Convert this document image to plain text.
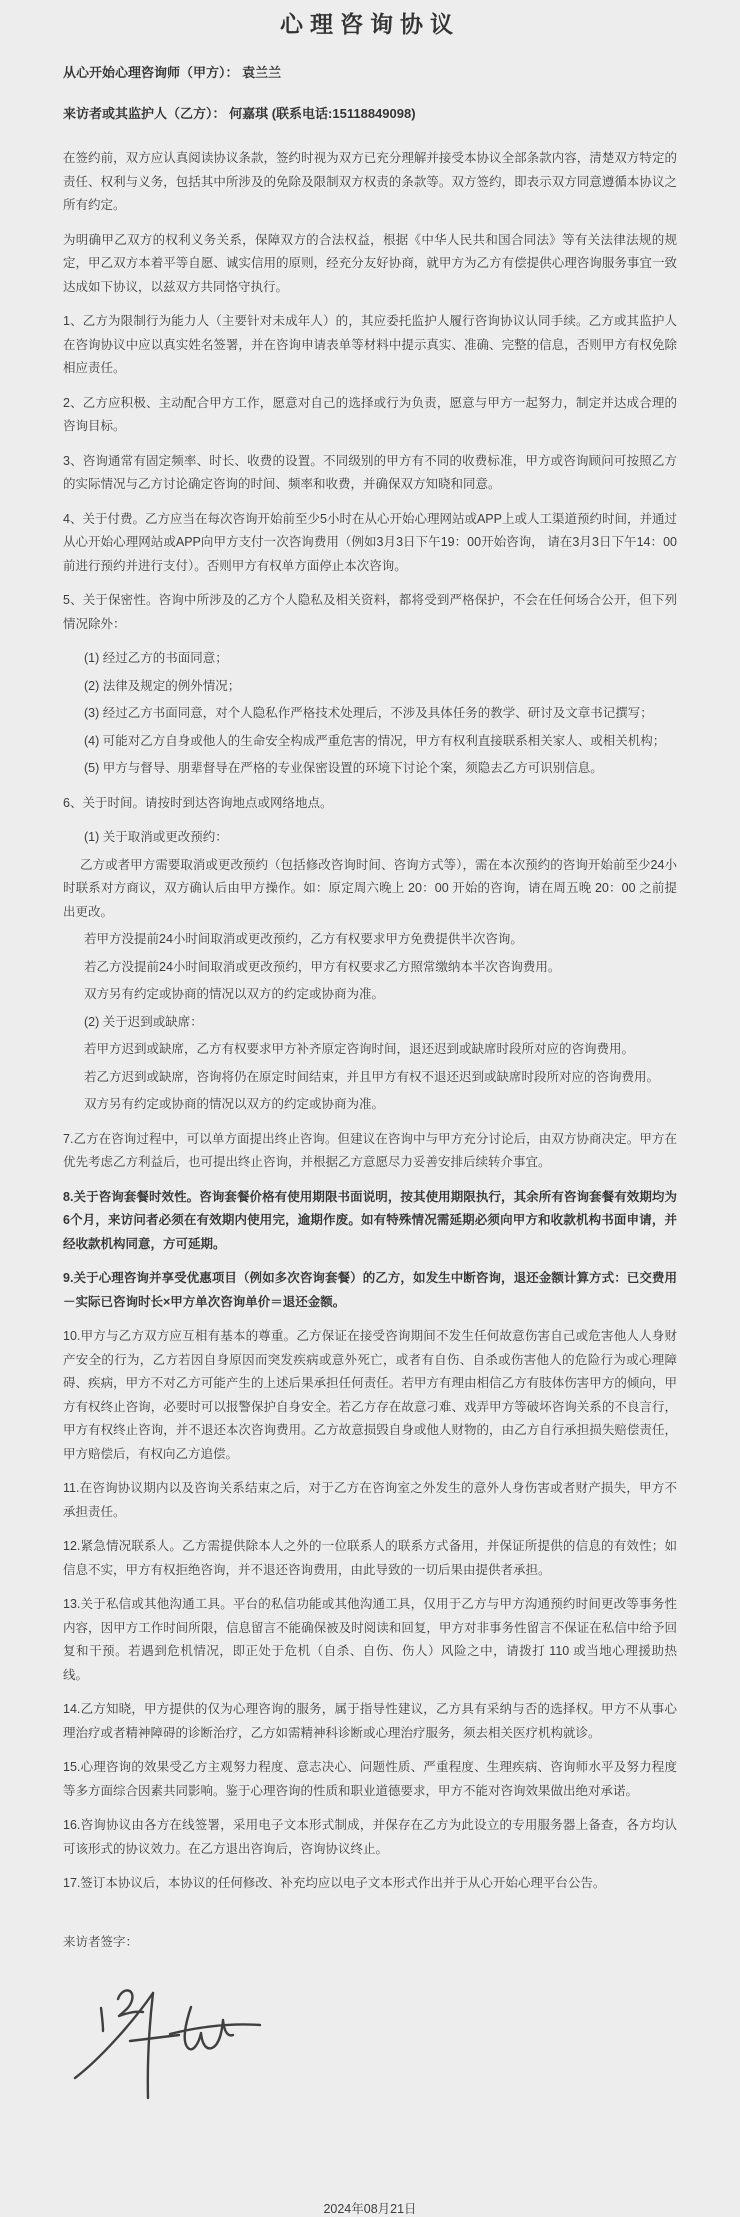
心理咨询协议

从心开始心理咨询师（甲方）： 袁兰兰

来访者或其监护人（乙方）： 何嘉琪 (联系电话:15118849098)

在签约前，双方应认真阅读协议条款，签约时视为双方已充分理解并接受本协议全部条款内容，清楚双方特定的责任、权利与义务，包括其中所涉及的免除及限制双方权责的条款等。双方签约，即表示双方同意遵循本协议之所有约定。

为明确甲乙双方的权利义务关系，保障双方的合法权益，根据《中华人民共和国合同法》等有关法律法规的规定，甲乙双方本着平等自愿、诚实信用的原则，经充分友好协商，就甲方为乙方有偿提供心理咨询服务事宜一致达成如下协议，以兹双方共同恪守执行。

1、乙方为限制行为能力人（主要针对未成年人）的，其应委托监护人履行咨询协议认同手续。乙方或其监护人在咨询协议中应以真实姓名签署，并在咨询申请表单等材料中提示真实、准确、完整的信息，否则甲方有权免除相应责任。

2、乙方应积极、主动配合甲方工作，愿意对自己的选择或行为负责，愿意与甲方一起努力，制定并达成合理的咨询目标。

3、咨询通常有固定频率、时长、收费的设置。不同级别的甲方有不同的收费标准，甲方或咨询顾问可按照乙方的实际情况与乙方讨论确定咨询的时间、频率和收费，并确保双方知晓和同意。

4、关于付费。乙方应当在每次咨询开始前至少5小时在从心开始心理网站或APP上或人工渠道预约时间，并通过从心开始心理网站或APP向甲方支付一次咨询费用（例如3月3日下午19：00开始咨询， 请在3月3日下午14：00前进行预约并进行支付）。否则甲方有权单方面停止本次咨询。

5、关于保密性。咨询中所涉及的乙方个人隐私及相关资料，都将受到严格保护，不会在任何场合公开，但下列情况除外：

(1) 经过乙方的书面同意；

(2) 法律及规定的例外情况；

(3) 经过乙方书面同意，对个人隐私作严格技术处理后，不涉及具体任务的教学、研讨及文章书记撰写；

(4) 可能对乙方自身或他人的生命安全构成严重危害的情况，甲方有权利直接联系相关家人、或相关机构；

(5) 甲方与督导、朋辈督导在严格的专业保密设置的环境下讨论个案，须隐去乙方可识别信息。

6、关于时间。请按时到达咨询地点或网络地点。

(1) 关于取消或更改预约：

乙方或者甲方需要取消或更改预约（包括修改咨询时间、咨询方式等），需在本次预约的咨询开始前至少24小时联系对方商议，双方确认后由甲方操作。如：原定周六晚上 20：00 开始的咨询，请在周五晚 20：00 之前提出更改。

若甲方没提前24小时间取消或更改预约，乙方有权要求甲方免费提供半次咨询。

若乙方没提前24小时间取消或更改预约，甲方有权要求乙方照常缴纳本半次咨询费用。

双方另有约定或协商的情况以双方的约定或协商为准。

(2) 关于迟到或缺席：

若甲方迟到或缺席，乙方有权要求甲方补齐原定咨询时间，退还迟到或缺席时段所对应的咨询费用。

若乙方迟到或缺席，咨询将仍在原定时间结束，并且甲方有权不退还迟到或缺席时段所对应的咨询费用。

双方另有约定或协商的情况以双方的约定或协商为准。

7.乙方在咨询过程中，可以单方面提出终止咨询。但建议在咨询中与甲方充分讨论后，由双方协商决定。甲方在优先考虑乙方利益后，也可提出终止咨询，并根据乙方意愿尽力妥善安排后续转介事宜。

8.关于咨询套餐时效性。咨询套餐价格有使用期限书面说明，按其使用期限执行，其余所有咨询套餐有效期均为6个月，来访问者必须在有效期内使用完，逾期作废。如有特殊情况需延期必须向甲方和收款机构书面申请，并经收款机构同意，方可延期。

9.关于心理咨询并享受优惠项目（例如多次咨询套餐）的乙方，如发生中断咨询，退还金额计算方式：已交费用－实际已咨询时长×甲方单次咨询单价＝退还金额。

10.甲方与乙方双方应互相有基本的尊重。乙方保证在接受咨询期间不发生任何故意伤害自己或危害他人人身财产安全的行为，乙方若因自身原因而突发疾病或意外死亡，或者有自伤、自杀或伤害他人的危险行为或心理障碍、疾病，甲方不对乙方可能产生的上述后果承担任何责任。若甲方有理由相信乙方有肢体伤害甲方的倾向，甲方有权终止咨询，必要时可以报警保护自身安全。若乙方存在故意刁难、戏弄甲方等破坏咨询关系的不良言行，甲方有权终止咨询，并不退还本次咨询费用。乙方故意损毁自身或他人财物的，由乙方自行承担损失赔偿责任，甲方赔偿后，有权向乙方追偿。

11.在咨询协议期内以及咨询关系结束之后，对于乙方在咨询室之外发生的意外人身伤害或者财产损失，甲方不承担责任。

12.紧急情况联系人。乙方需提供除本人之外的一位联系人的联系方式备用，并保证所提供的信息的有效性；如信息不实，甲方有权拒绝咨询，并不退还咨询费用，由此导致的一切后果由提供者承担。

13.关于私信或其他沟通工具。平台的私信功能或其他沟通工具，仅用于乙方与甲方沟通预约时间更改等事务性内容，因甲方工作时间所限，信息留言不能确保被及时阅读和回复，甲方对非事务性留言不保证在私信中给予回复和干预。若遇到危机情况，即正处于危机（自杀、自伤、伤人）风险之中，请拨打 110 或当地心理援助热线。

14.乙方知晓，甲方提供的仅为心理咨询的服务，属于指导性建议，乙方具有采纳与否的选择权。甲方不从事心理治疗或者精神障碍的诊断治疗，乙方如需精神科诊断或心理治疗服务，须去相关医疗机构就诊。

15.心理咨询的效果受乙方主观努力程度、意志决心、问题性质、严重程度、生理疾病、咨询师水平及努力程度等多方面综合因素共同影响。鉴于心理咨询的性质和职业道德要求，甲方不能对咨询效果做出绝对承诺。

16.咨询协议由各方在线签署，采用电子文本形式制成，并保存在乙方为此设立的专用服务器上备查，各方均认可该形式的协议效力。在乙方退出咨询后，咨询协议终止。

17.签订本协议后，本协议的任何修改、补充均应以电子文本形式作出并于从心开始心理平台公告。

来访者签字：

2024年08月21日
